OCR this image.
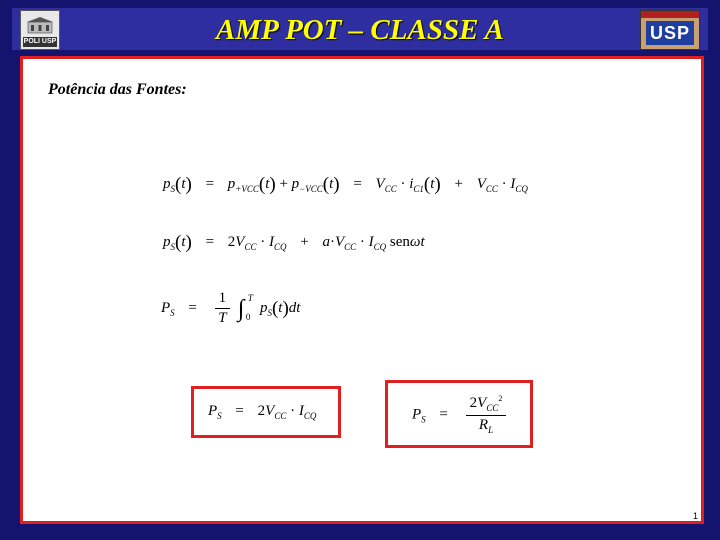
POLI USP	AMP POT – CLASSE A	USP
Potência das Fontes:
$p_S(t) = p_{+VCC}(t) + p_{-VCC}(t) = V_{CC} \cdot i_{C1}(t) + V_{CC} \cdot I_{CQ}$
$p_S(t) = 2V_{CC} \cdot I_{CQ} + a\cdot V_{CC} \cdot I_{CQ}$ senωt
$P_S = \frac{1}{T}$ ∫ T
0
$p_S(t)dt$
$P_S = 2V_{CC} \cdot I_{CQ}$	$P_S = \frac{2V_{CC}^2}{R_L}$
1
